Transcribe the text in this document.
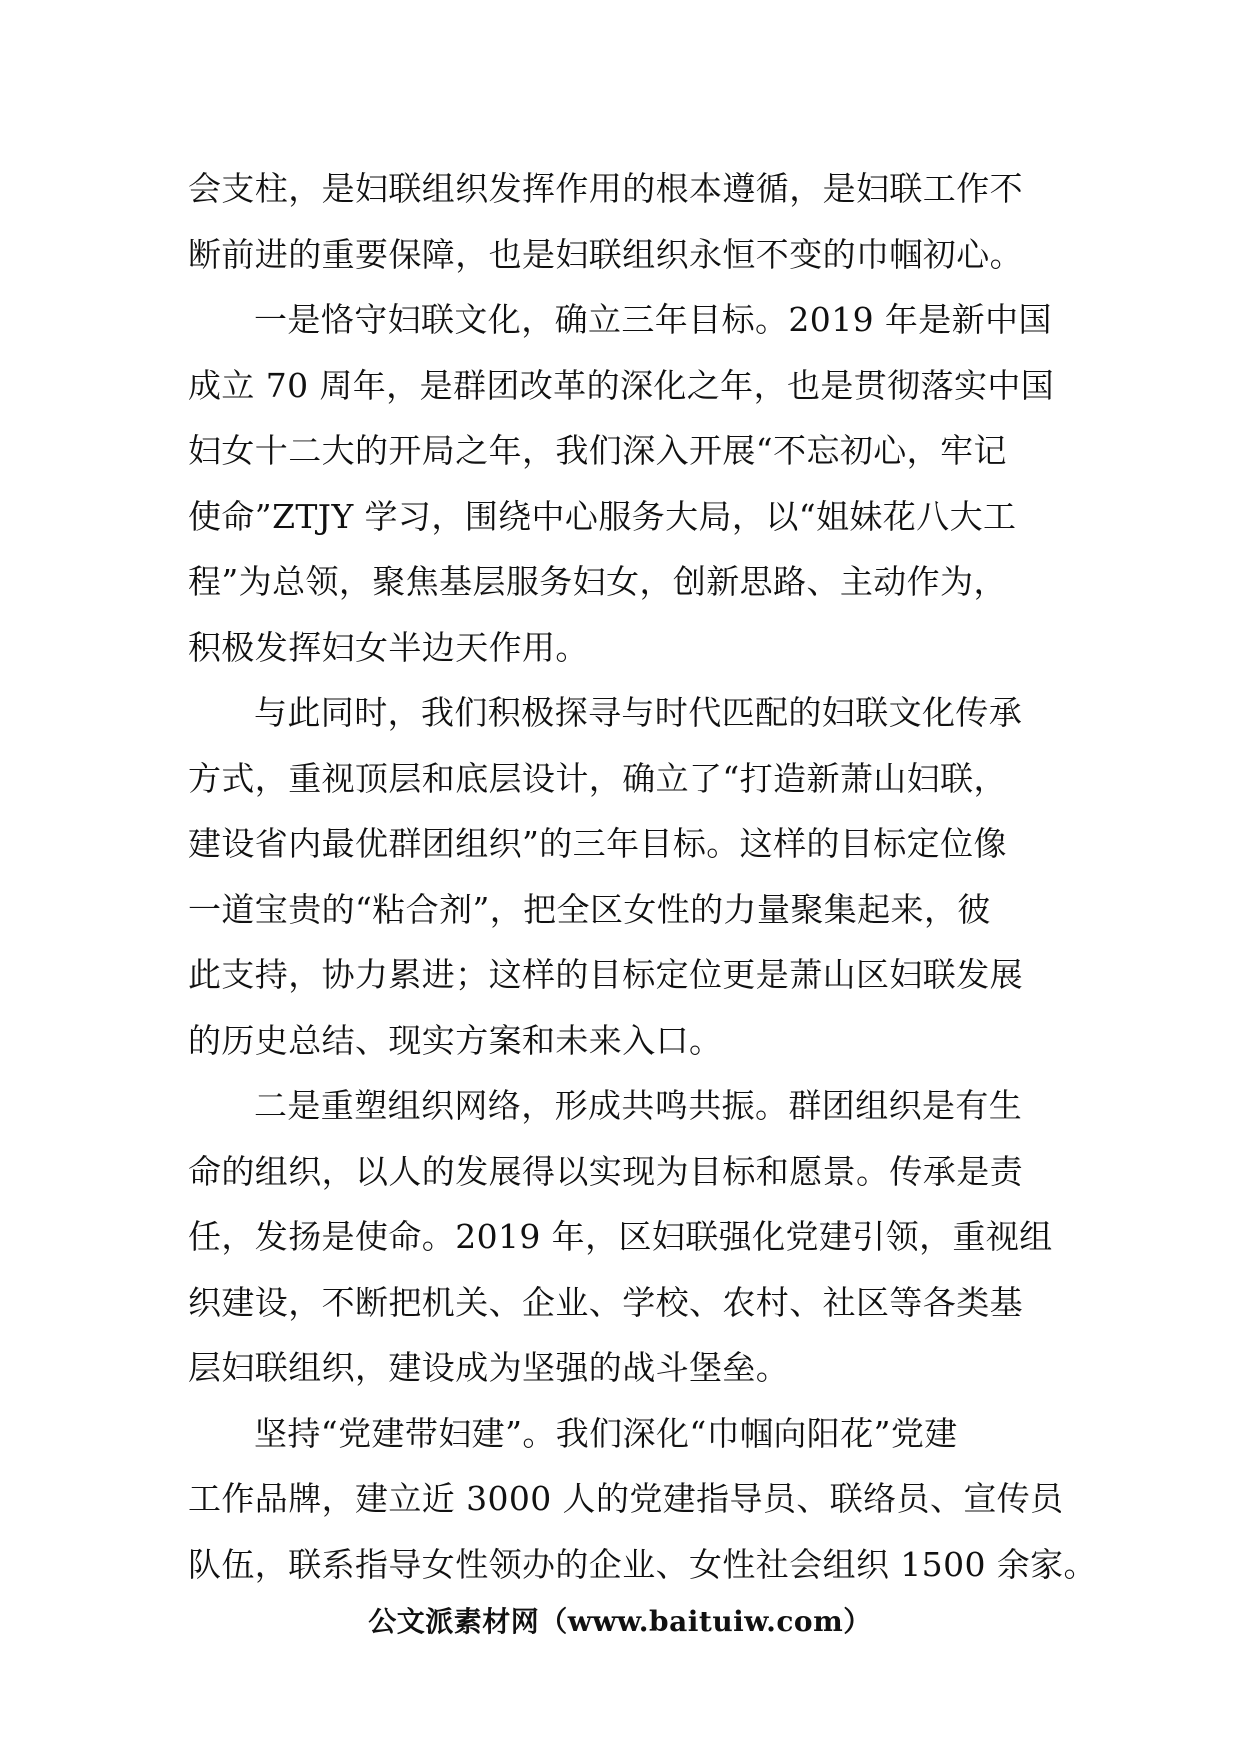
会支柱，是妇联组织发挥作用的根本遵循，是妇联工作不
断前进的重要保障，也是妇联组织永恒不变的巾帼初心。
一是恪守妇联文化，确立三年目标。2019 年是新中国
成立 70 周年，是群团改革的深化之年，也是贯彻落实中国
妇女十二大的开局之年，我们深入开展“不忘初心，牢记
使命”ZTJY 学习，围绕中心服务大局，以“姐妹花八大工
程”为总领，聚焦基层服务妇女，创新思路、主动作为，
积极发挥妇女半边天作用。
与此同时，我们积极探寻与时代匹配的妇联文化传承
方式，重视顶层和底层设计，确立了“打造新萧山妇联，
建设省内最优群团组织”的三年目标。这样的目标定位像
一道宝贵的“粘合剂”，把全区女性的力量聚集起来，彼
此支持，协力累进；这样的目标定位更是萧山区妇联发展
的历史总结、现实方案和未来入口。
二是重塑组织网络，形成共鸣共振。群团组织是有生
命的组织，以人的发展得以实现为目标和愿景。传承是责
任，发扬是使命。2019 年，区妇联强化党建引领，重视组
织建设，不断把机关、企业、学校、农村、社区等各类基
层妇联组织，建设成为坚强的战斗堡垒。
坚持“党建带妇建”。我们深化“巾帼向阳花”党建
工作品牌，建立近 3000 人的党建指导员、联络员、宣传员
队伍，联系指导女性领办的企业、女性社会组织 1500 余家。
公文派素材网（www.baituiw.com）
